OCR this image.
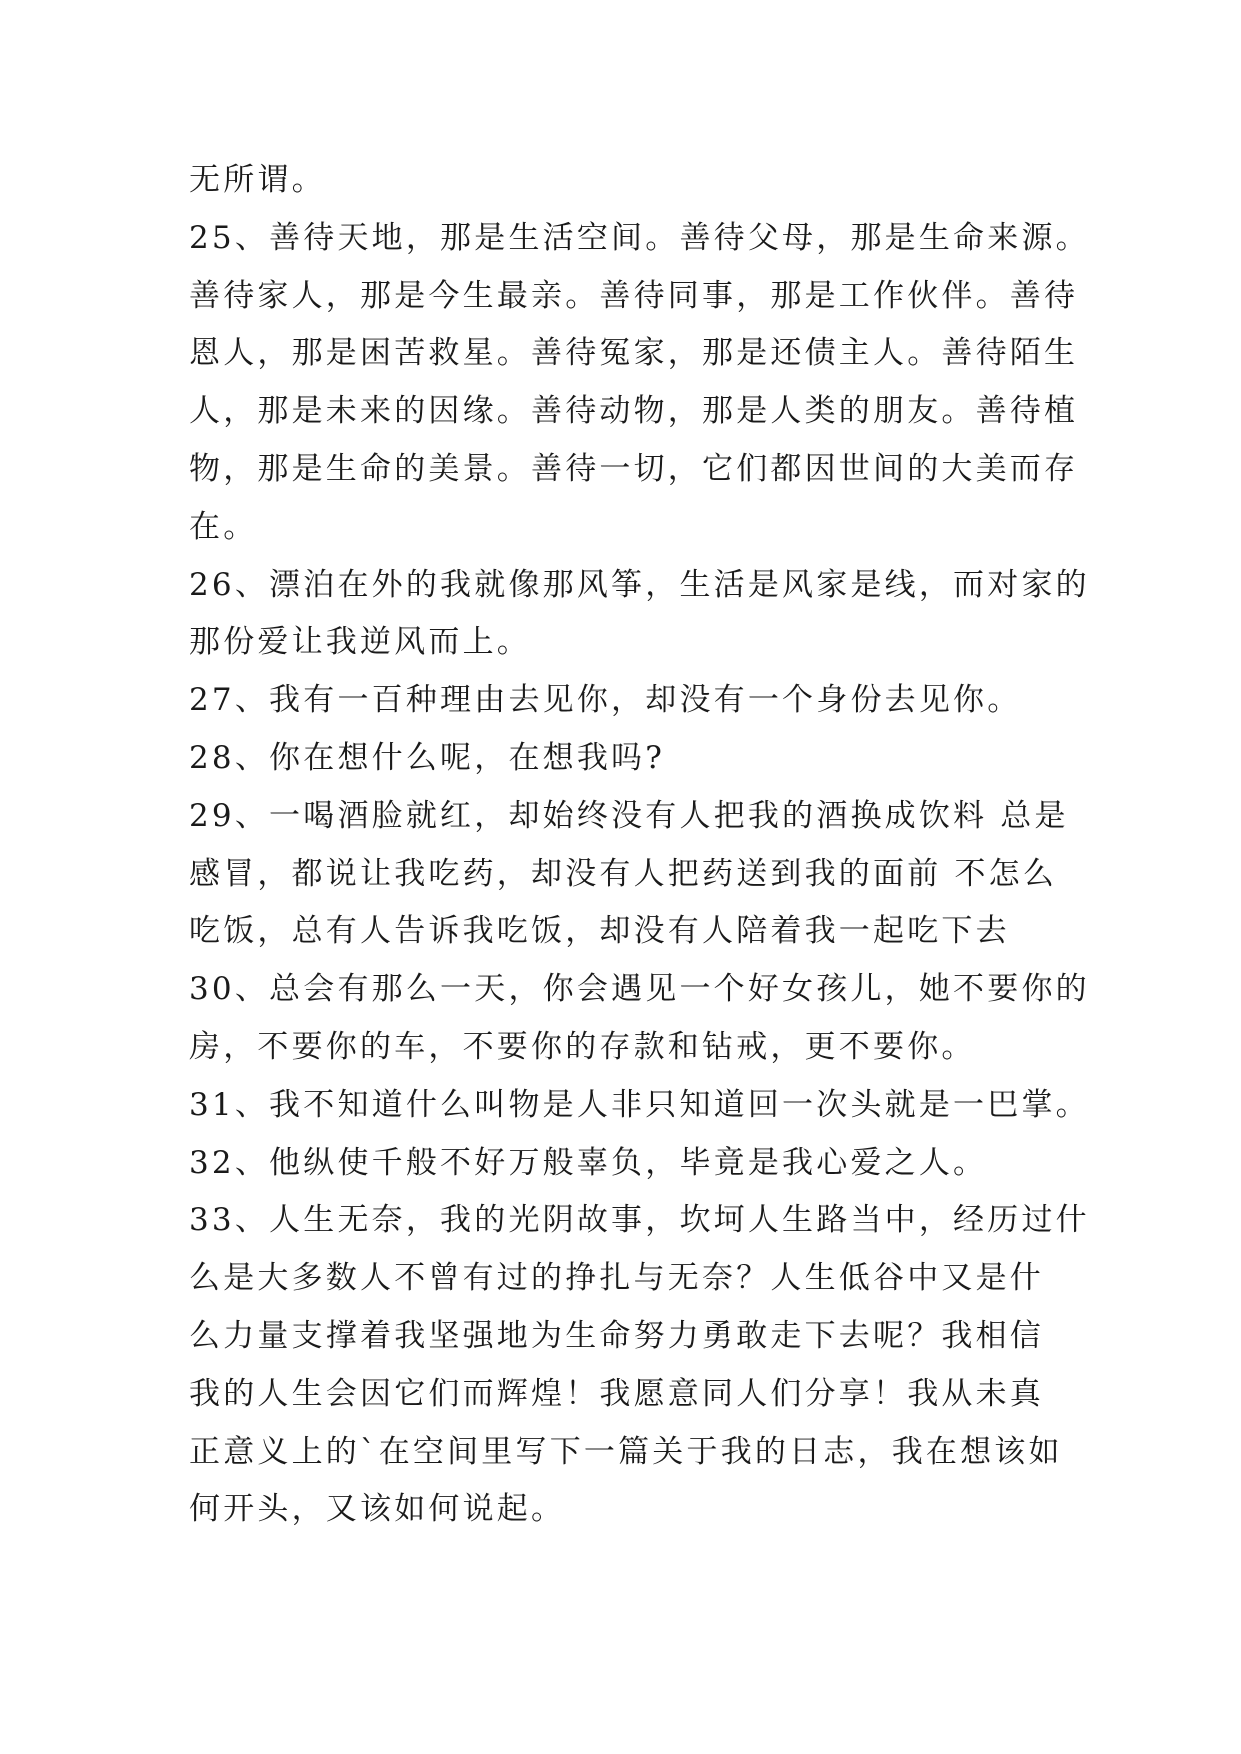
无所谓。
25、善待天地，那是生活空间。善待父母，那是生命来源。
善待家人，那是今生最亲。善待同事，那是工作伙伴。善待
恩人，那是困苦救星。善待冤家，那是还债主人。善待陌生
人，那是未来的因缘。善待动物，那是人类的朋友。善待植
物，那是生命的美景。善待一切，它们都因世间的大美而存
在。
26、漂泊在外的我就像那风筝，生活是风家是线，而对家的
那份爱让我逆风而上。
27、我有一百种理由去见你，却没有一个身份去见你。
28、你在想什么呢，在想我吗?
29、一喝酒脸就红，却始终没有人把我的酒换成饮料 总是
感冒，都说让我吃药，却没有人把药送到我的面前 不怎么
吃饭，总有人告诉我吃饭，却没有人陪着我一起吃下去
30、总会有那么一天，你会遇见一个好女孩儿，她不要你的
房，不要你的车，不要你的存款和钻戒，更不要你。
31、我不知道什么叫物是人非只知道回一次头就是一巴掌。
32、他纵使千般不好万般辜负，毕竟是我心爱之人。
33、人生无奈，我的光阴故事，坎坷人生路当中，经历过什
么是大多数人不曾有过的挣扎与无奈？人生低谷中又是什
么力量支撑着我坚强地为生命努力勇敢走下去呢？我相信
我的人生会因它们而辉煌！我愿意同人们分享！我从未真
正意义上的`在空间里写下一篇关于我的日志，我在想该如
何开头，又该如何说起。
